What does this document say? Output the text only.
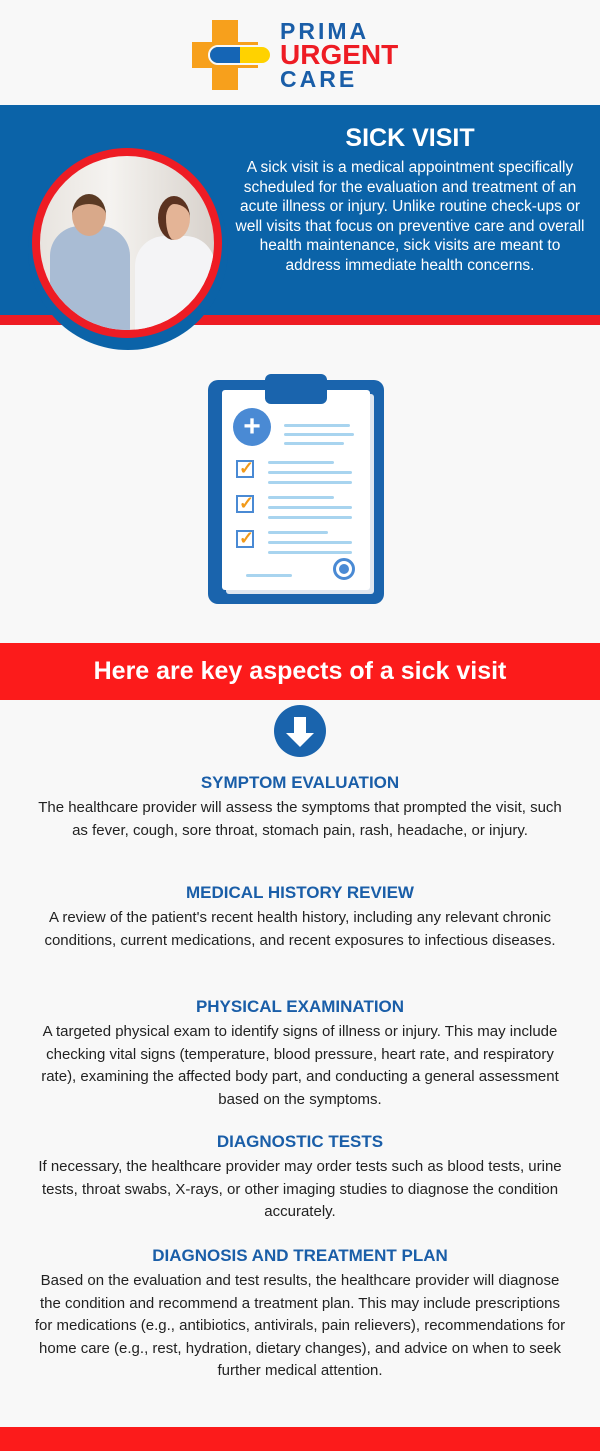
PRIMA
URGENT
CARE
SICK VISIT
A sick visit is a medical appointment specifically scheduled for the evaluation and treatment of an acute illness or injury. Unlike routine check-ups or well visits that focus on preventive care and overall health maintenance, sick visits are meant to address immediate health concerns.
+
✓
✓
✓
Here are key aspects of a sick visit
SYMPTOM EVALUATION

The healthcare provider will assess the symptoms that prompted the visit, such as fever, cough, sore throat, stomach pain, rash, headache, or injury.

MEDICAL HISTORY REVIEW

A review of the patient's recent health history, including any relevant chronic conditions, current medications, and recent exposures to infectious diseases.

PHYSICAL EXAMINATION

A targeted physical exam to identify signs of illness or injury. This may include checking vital signs (temperature, blood pressure, heart rate, and respiratory rate), examining the affected body part, and conducting a general assessment based on the symptoms.

DIAGNOSTIC TESTS

If necessary, the healthcare provider may order tests such as blood tests, urine tests, throat swabs, X-rays, or other imaging studies to diagnose the condition accurately.

DIAGNOSIS AND TREATMENT PLAN

Based on the evaluation and test results, the healthcare provider will diagnose the condition and recommend a treatment plan. This may include prescriptions for medications (e.g., antibiotics, antivirals, pain relievers), recommendations for home care (e.g., rest, hydration, dietary changes), and advice on when to seek further medical attention.
